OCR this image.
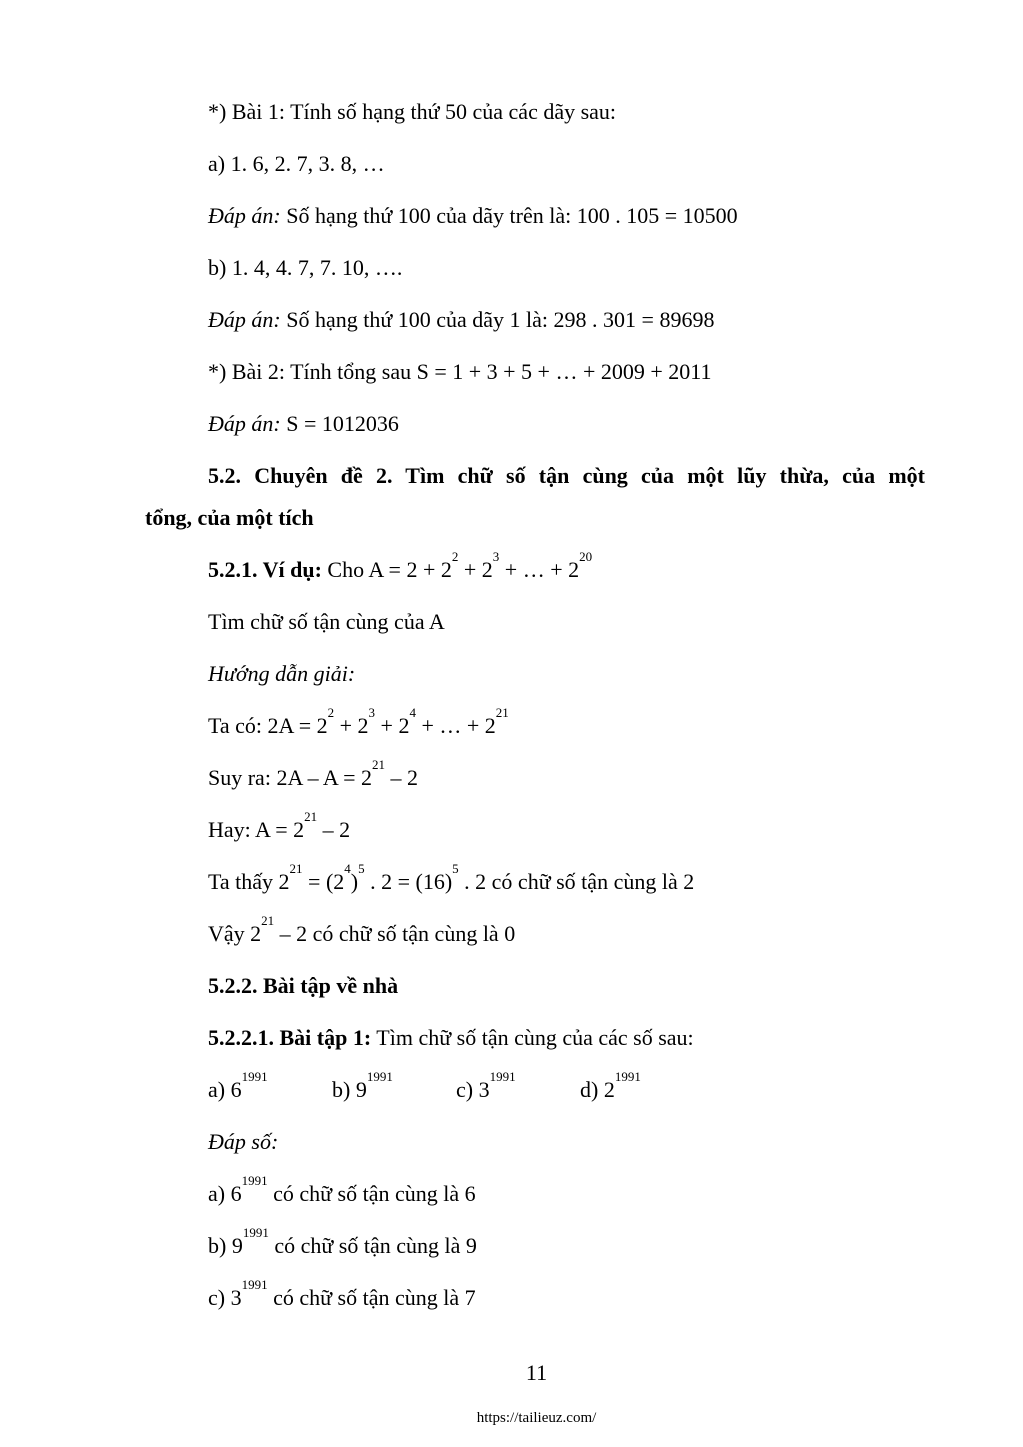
*) Bài 1: Tính số hạng thứ 50 của các dãy sau:
a) 1. 6, 2. 7, 3. 8, …
Đáp án: Số hạng thứ 100 của dãy trên là: 100 . 105 = 10500
b) 1. 4, 4. 7, 7. 10, ….
Đáp án: Số hạng thứ 100 của dãy 1 là: 298 . 301 = 89698
*) Bài 2: Tính tổng sau S = 1 + 3 + 5 + … + 2009 + 2011
Đáp án: S = 1012036
5.2. Chuyên đề 2. Tìm chữ số tận cùng của một lũy thừa, của một
tổng, của một tích
5.2.1. Ví dụ: Cho $A = 2 + 2^2 + 2^3$ + … + $2^{20}$
Tìm chữ số tận cùng của A
Hướng dẫn giải:
Ta có: $2A = 2^2 + 2^3 + 2^4$ + … + $2^{21}$
Suy ra: $2A - A = 2^{21} - 2$
Hay: $A = 2^{21} - 2$
Ta thấy $2^{21} = (2^4)^5$ . $2 = (16)^5$ . 2 có chữ số tận cùng là 2
Vậy $2^{21} - 2$ có chữ số tận cùng là 0
5.2.2. Bài tập về nhà
5.2.2.1. Bài tập 1: Tìm chữ số tận cùng của các số sau:
a) $6^{1991}b$) $9^{1991}c$) $3^{1991}d$) $2^{1991}$
Đáp số:
a) $6^{1991}$ có chữ số tận cùng là 6
b) $9^{1991}$ có chữ số tận cùng là 9
c) $3^{1991}$ có chữ số tận cùng là 7
11
https://tailieuz.com/
